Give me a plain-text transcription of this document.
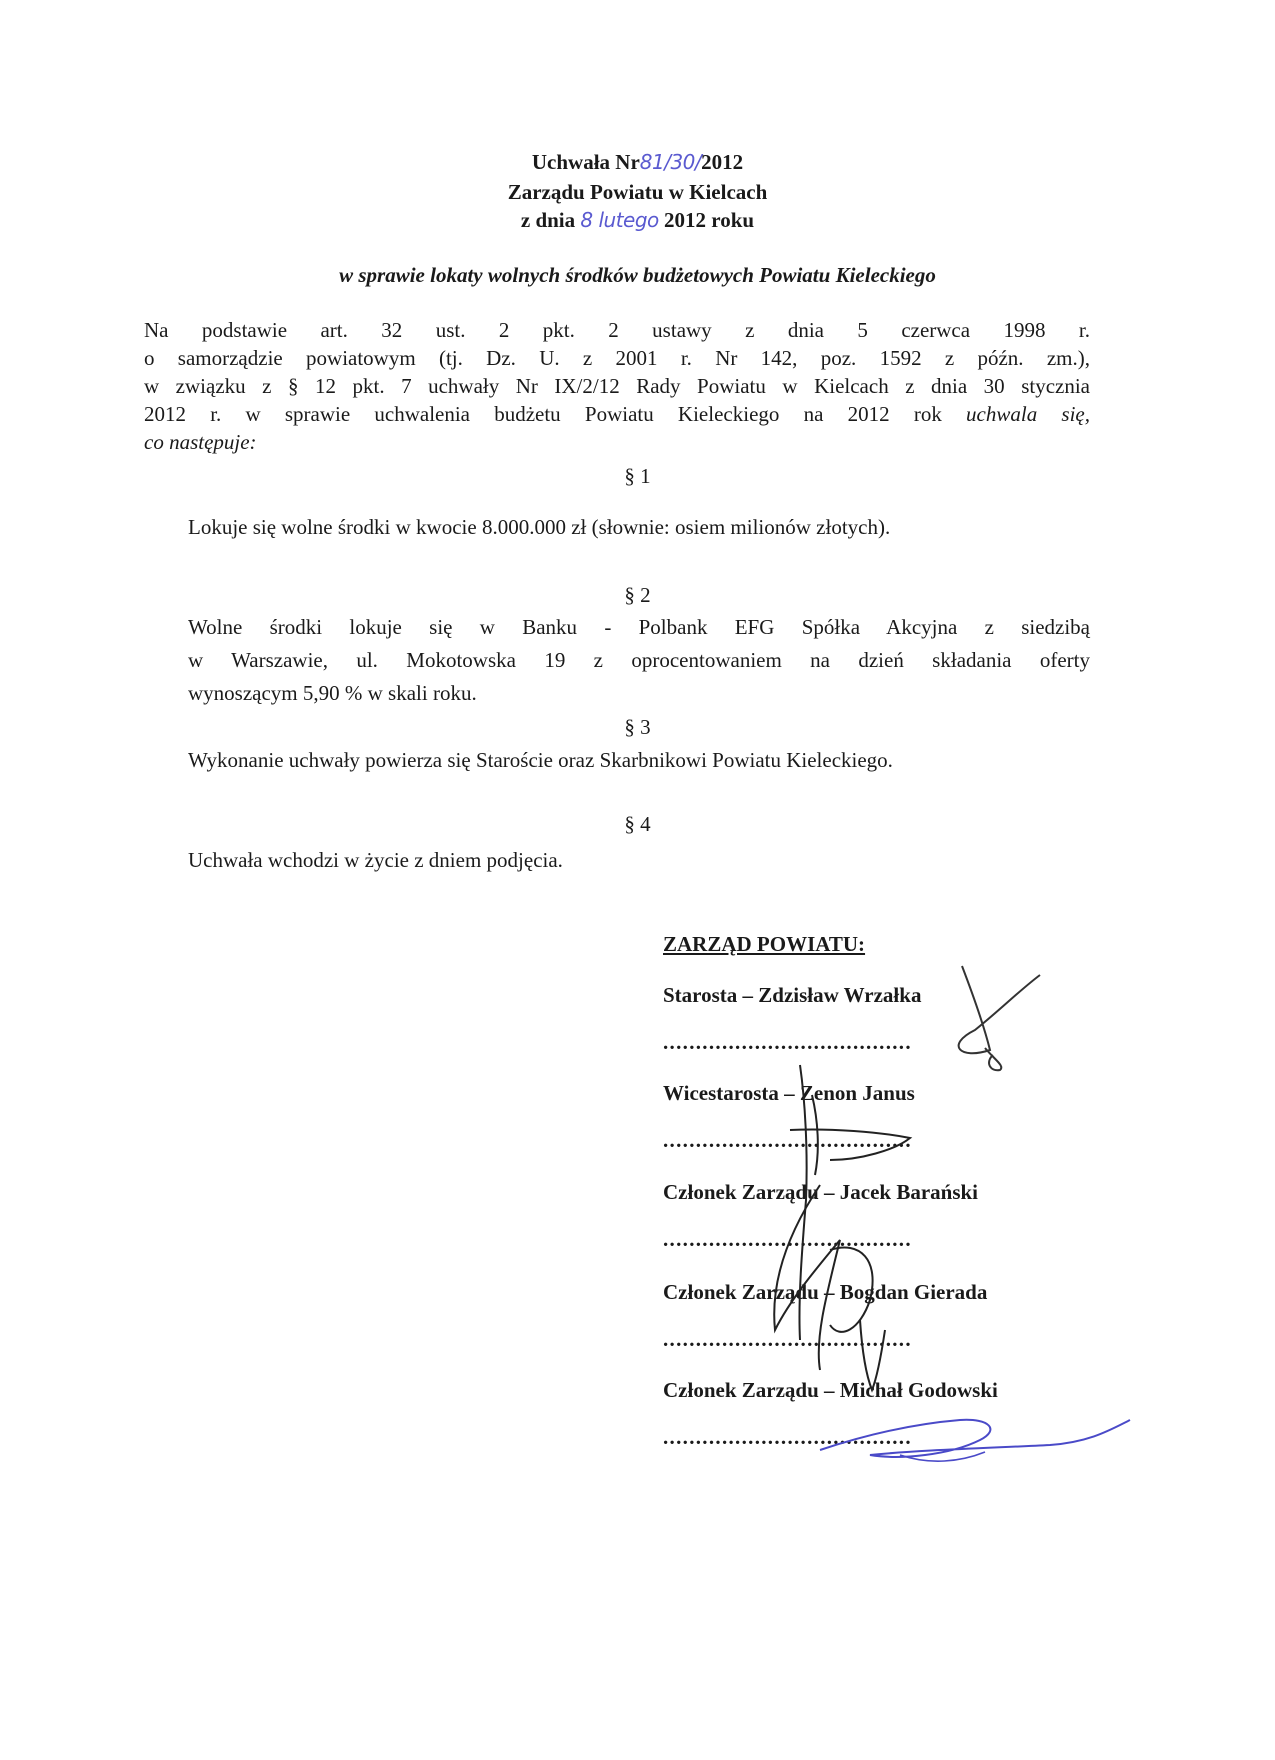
Uchwała Nr81/30/2012
Zarządu Powiatu w Kielcach
z dnia 8 lutego 2012 roku
w sprawie lokaty wolnych środków budżetowych Powiatu Kieleckiego
Na podstawie art. 32 ust. 2 pkt. 2 ustawy z dnia 5 czerwca 1998 r.
o samorządzie powiatowym (tj. Dz. U. z 2001 r. Nr 142, poz. 1592 z późn. zm.),
w związku z § 12 pkt. 7 uchwały Nr IX/2/12 Rady Powiatu w Kielcach z dnia 30 stycznia
2012 r. w sprawie uchwalenia budżetu Powiatu Kieleckiego na 2012 rok uchwala się,
co następuje:
§ 1
Lokuje się wolne środki w kwocie 8.000.000 zł (słownie: osiem milionów złotych).
§ 2
Wolne środki lokuje się w Banku - Polbank EFG Spółka Akcyjna z siedzibą
w Warszawie, ul. Mokotowska 19 z oprocentowaniem na dzień składania oferty
wynoszącym 5,90 % w skali roku.
§ 3
Wykonanie uchwały powierza się Staroście oraz Skarbnikowi Powiatu Kieleckiego.
§ 4
Uchwała wchodzi w życie z dniem podjęcia.
ZARZĄD POWIATU:
Starosta – Zdzisław Wrzałka
......................................
Wicestarosta – Zenon Janus
......................................
Członek Zarządu – Jacek Barański
......................................
Członek Zarządu – Bogdan Gierada
......................................
Członek Zarządu – Michał Godowski
......................................
